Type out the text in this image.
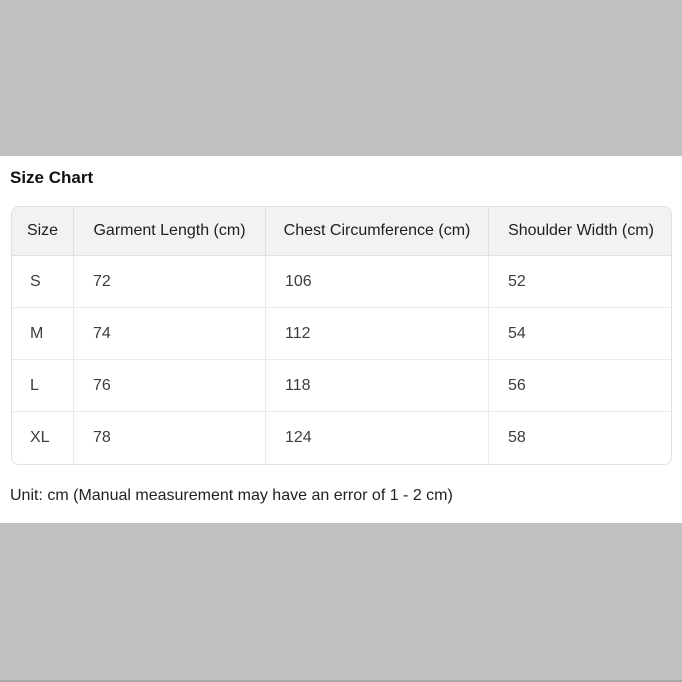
Size Chart
Size	Garment Length (cm)	Chest Circumference (cm)	Shoulder Width (cm)
S	72	106	52
M	74	112	54
L	76	118	56
XL	78	124	58

Unit: cm (Manual measurement may have an error of 1 - 2 cm)
